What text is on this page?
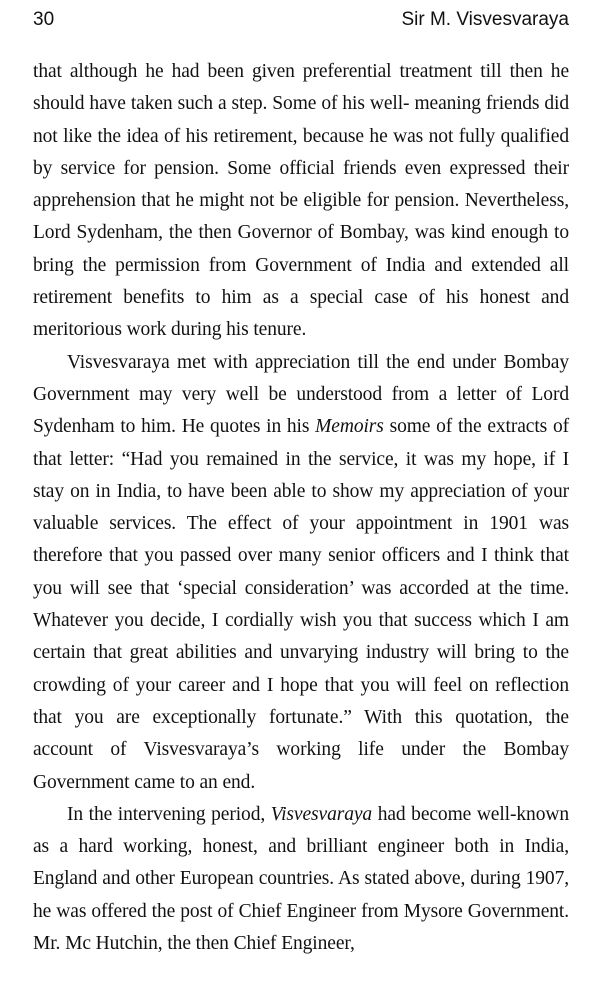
30	Sir M. Visvesvaraya

that although he had been given preferential treatment till then he should have taken such a step. Some of his well- meaning friends did not like the idea of his retirement, because he was not fully qualified by service for pension. Some official friends even expressed their apprehension that he might not be eligible for pension. Nevertheless, Lord Sydenham, the then Governor of Bombay, was kind enough to bring the permission from Government of India and extended all retirement benefits to him as a special case of his honest and meritorious work during his tenure.

Visvesvaraya met with appreciation till the end under Bombay Government may very well be understood from a letter of Lord Sydenham to him. He quotes in his Memoirs some of the extracts of that letter: “Had you remained in the service, it was my hope, if I stay on in India, to have been able to show my appreciation of your valuable services. The effect of your appointment in 1901 was therefore that you passed over many senior officers and I think that you will see that ‘special consideration’ was accorded at the time. Whatever you decide, I cordially wish you that success which I am certain that great abilities and unvarying industry will bring to the crowding of your career and I hope that you will feel on reflection that you are exceptionally fortunate.” With this quotation, the account of Visvesvaraya’s working life under the Bombay Government came to an end.

In the intervening period, Visvesvaraya had become well-known as a hard working, honest, and brilliant engineer both in India, England and other European countries. As stated above, during 1907, he was offered the post of Chief Engineer from Mysore Government. Mr. Mc Hutchin, the then Chief Engineer,
